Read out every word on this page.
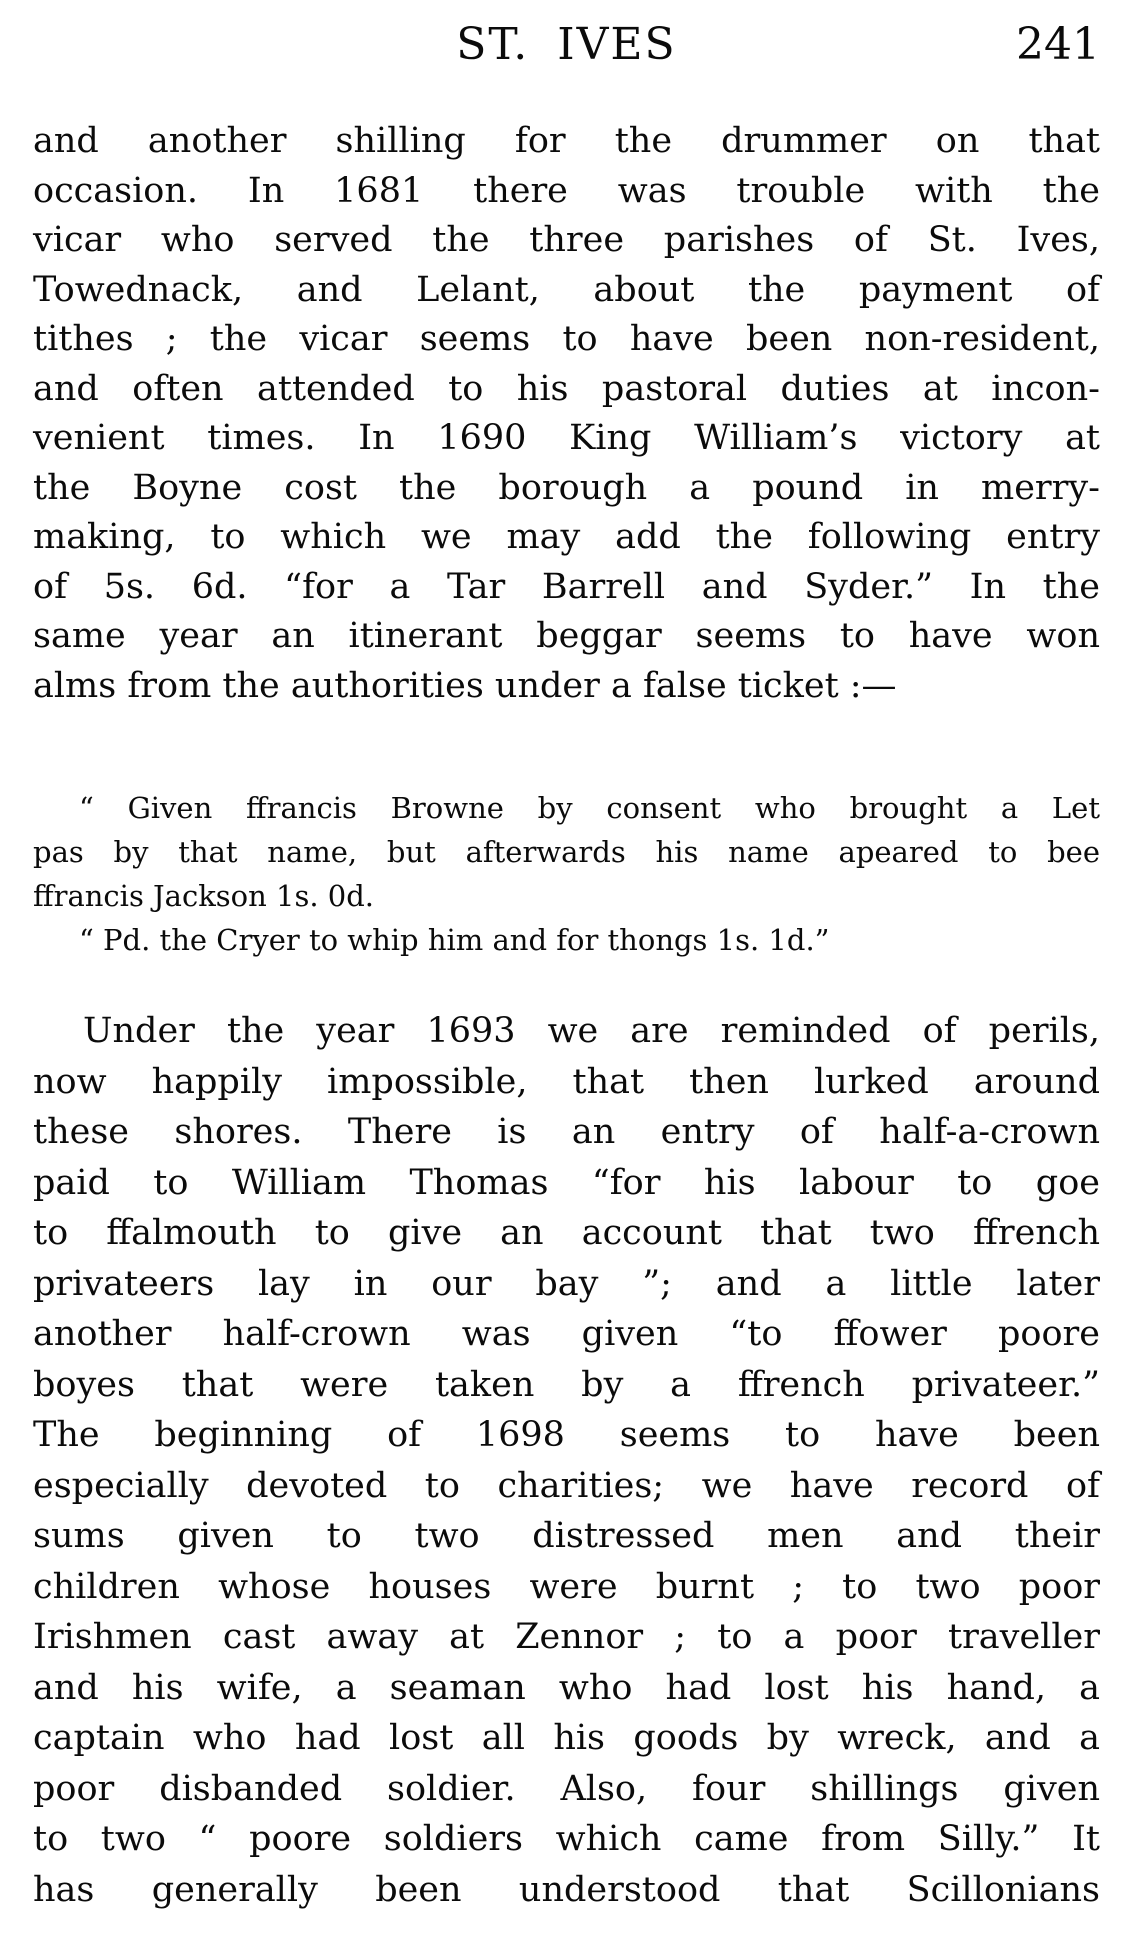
ST. IVES	241
and another shilling for the drummer on that
occasion. In 1681 there was trouble with the
vicar who served the three parishes of St. Ives,
Towednack, and Lelant, about the payment of
tithes ; the vicar seems to have been non-resident,
and often attended to his pastoral duties at incon-
venient times. In 1690 King William’s victory at
the Boyne cost the borough a pound in merry-
making, to which we may add the following entry
of 5s. 6d. “for a Tar Barrell and Syder.” In the
same year an itinerant beggar seems to have won
alms from the authorities under a false ticket :—
“ Given ffrancis Browne by consent who brought a Let
pas by that name, but afterwards his name apeared to bee
ffrancis Jackson 1s. 0d.
“ Pd. the Cryer to whip him and for thongs 1s. 1d.”
Under the year 1693 we are reminded of perils,
now happily impossible, that then lurked around
these shores. There is an entry of half-a-crown
paid to William Thomas “for his labour to goe
to ffalmouth to give an account that two ffrench
privateers lay in our bay ”; and a little later
another half-crown was given “to ffower poore
boyes that were taken by a ffrench privateer.”
The beginning of 1698 seems to have been
especially devoted to charities; we have record of
sums given to two distressed men and their
children whose houses were burnt ; to two poor
Irishmen cast away at Zennor ; to a poor traveller
and his wife, a seaman who had lost his hand, a
captain who had lost all his goods by wreck, and a
poor disbanded soldier. Also, four shillings given
to two “ poore soldiers which came from Silly.” It
has generally been understood that Scillonians
